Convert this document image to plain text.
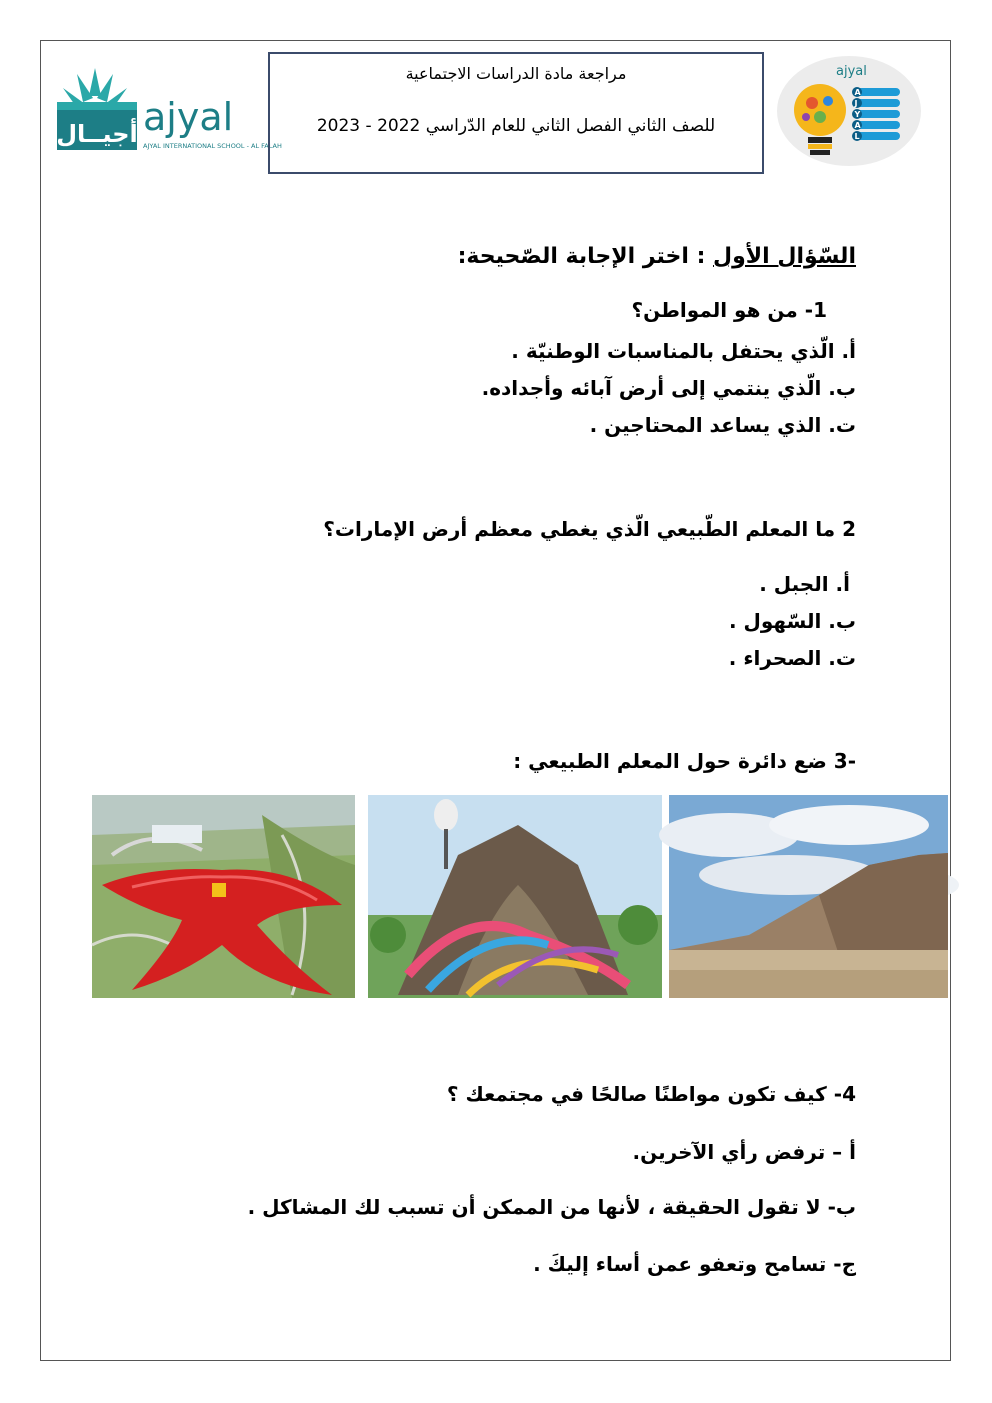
أجيــال ajyal
AJYAL INTERNATIONAL SCHOOL - AL FALAH
مراجعة مادة الدراسات الاجتماعية
للصف الثاني الفصل الثاني للعام الدّراسي 2022 - 2023
ajyal
A
J
Y
A
L
السّؤال الأول : اختر الإجابة الصّحيحة:
1- من هو المواطن؟
أ. الّذي يحتفل بالمناسبات الوطنيّة .
ب. الّذي ينتمي إلى أرض آبائه وأجداده.
ت. الذي يساعد المحتاجين .
2 ما المعلم الطّبيعي الّذي يغطي معظم أرض الإمارات؟
أ. الجبل .
ب. السّهول .
ت. الصحراء .
-3 ضع دائرة حول المعلم الطبيعي :
4- كيف تكون مواطنًا صالحًا في مجتمعك ؟
أ – ترفض رأي الآخرين.
ب- لا تقول الحقيقة ، لأنها من الممكن أن تسبب لك المشاكل .
ج- تسامح وتعفو عمن أساء إليكَ .
